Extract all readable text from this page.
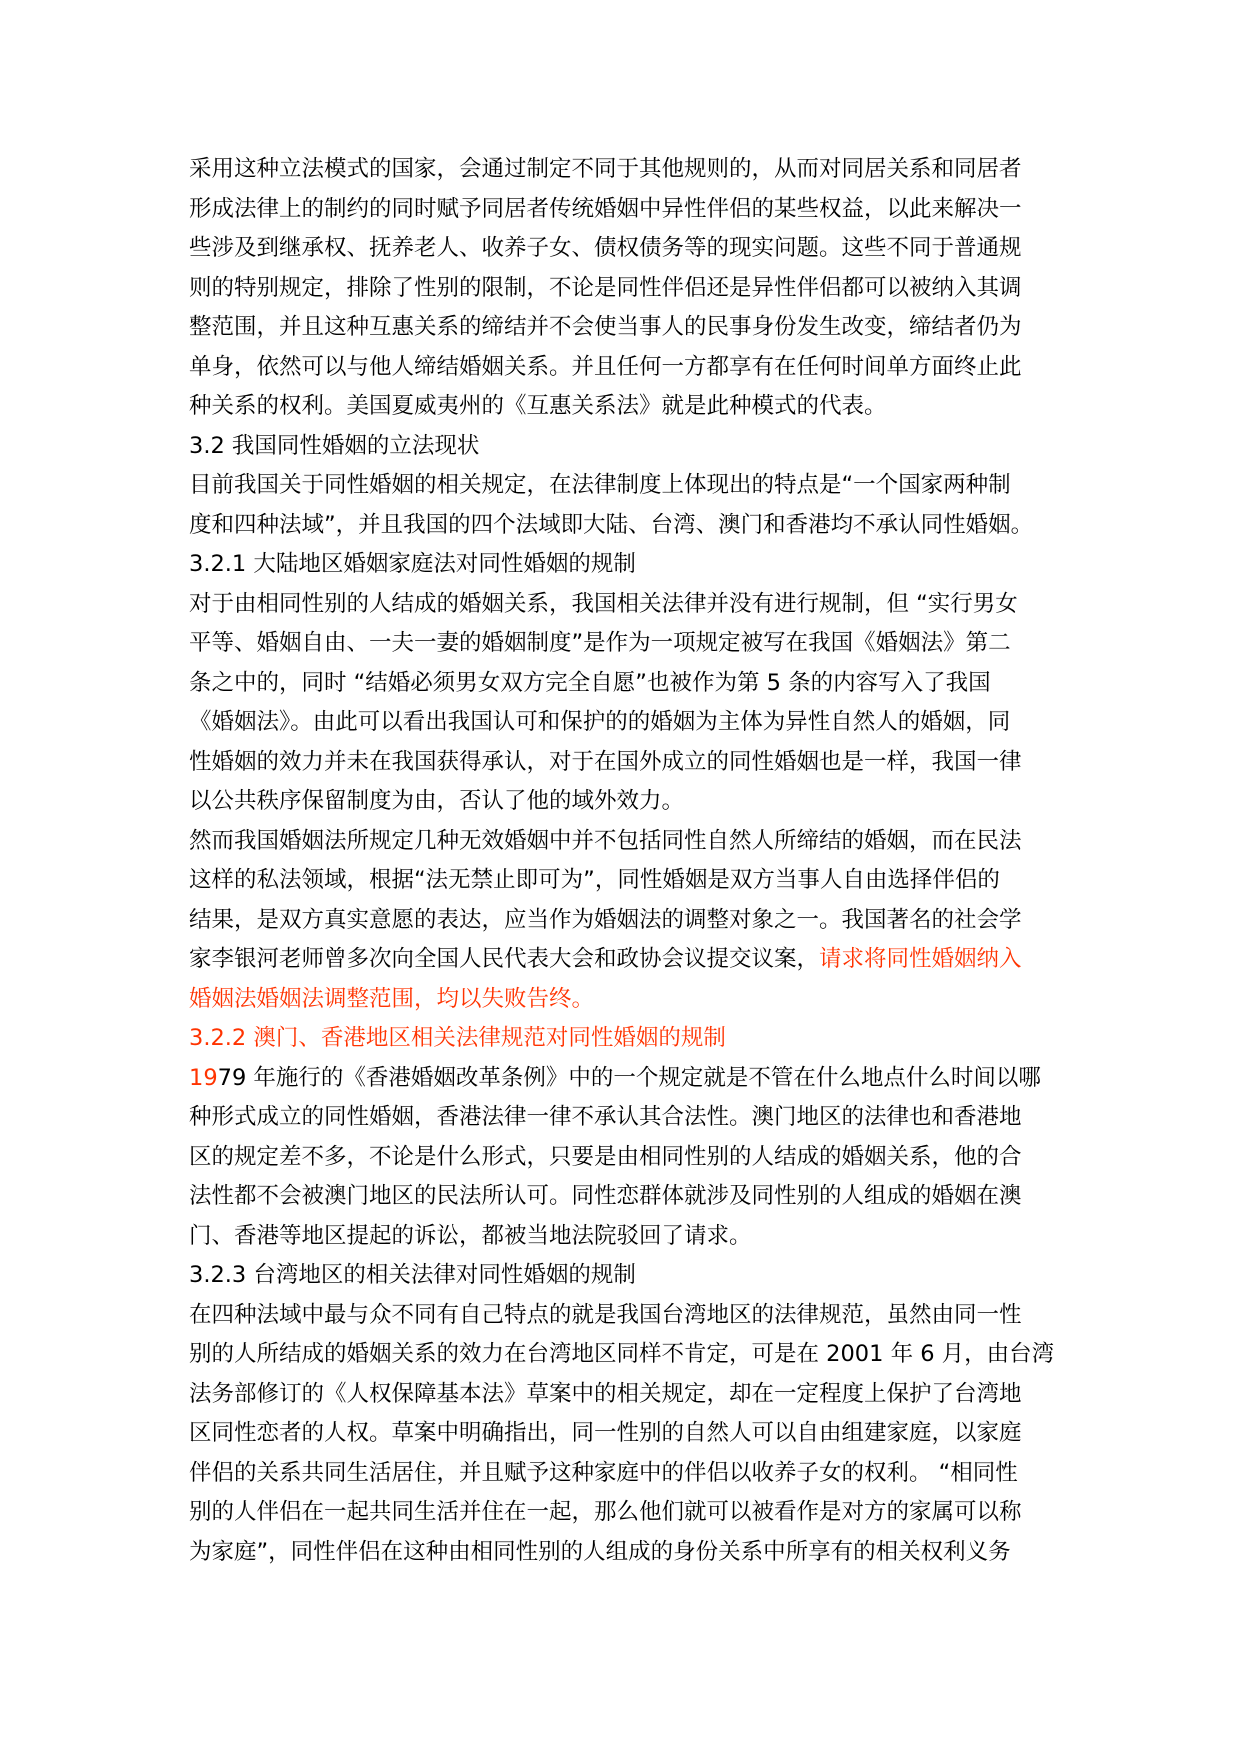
采用这种立法模式的国家，会通过制定不同于其他规则的，从而对同居关系和同居者
形成法律上的制约的同时赋予同居者传统婚姻中异性伴侣的某些权益，以此来解决一
些涉及到继承权、抚养老人、收养子女、债权债务等的现实问题。这些不同于普通规
则的特别规定，排除了性别的限制，不论是同性伴侣还是异性伴侣都可以被纳入其调
整范围，并且这种互惠关系的缔结并不会使当事人的民事身份发生改变，缔结者仍为
单身，依然可以与他人缔结婚姻关系。并且任何一方都享有在任何时间单方面终止此
种关系的权利。美国夏威夷州的《互惠关系法》就是此种模式的代表。
3.2 我国同性婚姻的立法现状
目前我国关于同性婚姻的相关规定，在法律制度上体现出的特点是“一个国家两种制
度和四种法域”，并且我国的四个法域即大陆、台湾、澳门和香港均不承认同性婚姻。
3.2.1 大陆地区婚姻家庭法对同性婚姻的规制
对于由相同性别的人结成的婚姻关系，我国相关法律并没有进行规制，但 “实行男女
平等、婚姻自由、一夫一妻的婚姻制度”是作为一项规定被写在我国《婚姻法》第二
条之中的，同时 “结婚必须男女双方完全自愿”也被作为第 5 条的内容写入了我国
《婚姻法》。由此可以看出我国认可和保护的的婚姻为主体为异性自然人的婚姻，同
性婚姻的效力并未在我国获得承认，对于在国外成立的同性婚姻也是一样，我国一律
以公共秩序保留制度为由，否认了他的域外效力。
然而我国婚姻法所规定几种无效婚姻中并不包括同性自然人所缔结的婚姻，而在民法
这样的私法领域，根据“法无禁止即可为”，同性婚姻是双方当事人自由选择伴侣的
结果，是双方真实意愿的表达，应当作为婚姻法的调整对象之一。我国著名的社会学
家李银河老师曾多次向全国人民代表大会和政协会议提交议案，请求将同性婚姻纳入
婚姻法婚姻法调整范围，均以失败告终。
3.2.2 澳门、香港地区相关法律规范对同性婚姻的规制
1979 年施行的《香港婚姻改革条例》中的一个规定就是不管在什么地点什么时间以哪
种形式成立的同性婚姻，香港法律一律不承认其合法性。澳门地区的法律也和香港地
区的规定差不多，不论是什么形式，只要是由相同性别的人结成的婚姻关系，他的合
法性都不会被澳门地区的民法所认可。同性恋群体就涉及同性别的人组成的婚姻在澳
门、香港等地区提起的诉讼，都被当地法院驳回了请求。
3.2.3 台湾地区的相关法律对同性婚姻的规制
在四种法域中最与众不同有自己特点的就是我国台湾地区的法律规范，虽然由同一性
别的人所结成的婚姻关系的效力在台湾地区同样不肯定，可是在 2001 年 6 月，由台湾
法务部修订的《人权保障基本法》草案中的相关规定，却在一定程度上保护了台湾地
区同性恋者的人权。草案中明确指出，同一性别的自然人可以自由组建家庭，以家庭
伴侣的关系共同生活居住，并且赋予这种家庭中的伴侣以收养子女的权利。 “相同性
别的人伴侣在一起共同生活并住在一起，那么他们就可以被看作是对方的家属可以称
为家庭”，同性伴侣在这种由相同性别的人组成的身份关系中所享有的相关权利义务
